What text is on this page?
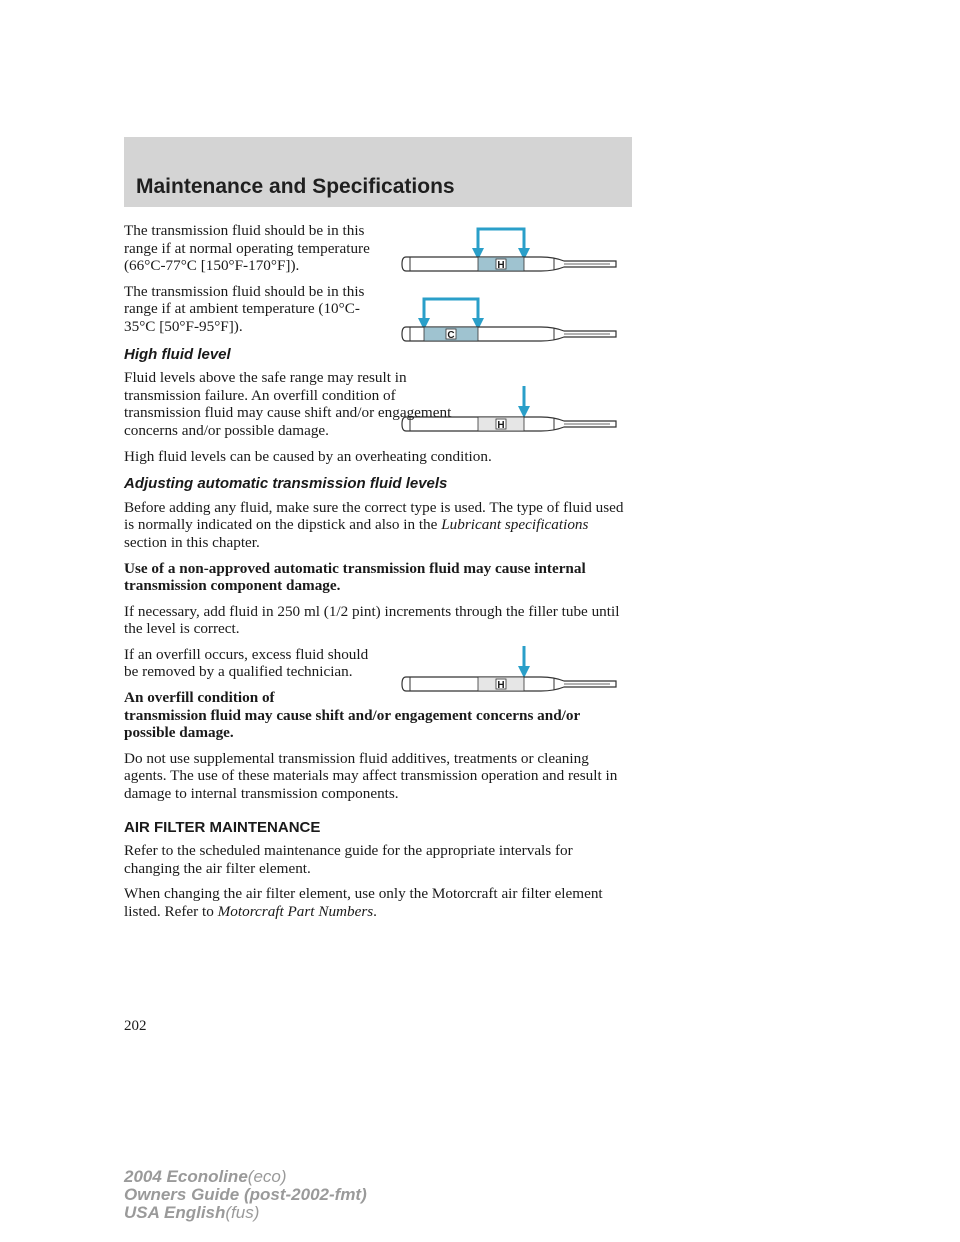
Maintenance and Specifications
H
C
H
H

The transmission fluid should be in this range if at normal operating temperature (66°C-77°C [150°F-170°F]).

The transmission fluid should be in this range if at ambient temperature (10°C-35°C [50°F-95°F]).

High fluid level

Fluid levels above the safe range may result in transmission failure. An overfill condition of transmission fluid may cause shift and/or engagement concerns and/or possible damage.

High fluid levels can be caused by an overheating condition.

Adjusting automatic transmission fluid levels

Before adding any fluid, make sure the correct type is used. The type of fluid used is normally indicated on the dipstick and also in the Lubricant specifications section in this chapter.

Use of a non-approved automatic transmission fluid may cause internal transmission component damage.

If necessary, add fluid in 250 ml (1/2 pint) increments through the filler tube until the level is correct.

If an overfill occurs, excess fluid should be removed by a qualified technician.

An overfill condition of
transmission fluid may cause shift and/or engagement concerns and/or possible damage.

Do not use supplemental transmission fluid additives, treatments or cleaning agents. The use of these materials may affect transmission operation and result in damage to internal transmission components.

AIR FILTER MAINTENANCE

Refer to the scheduled maintenance guide for the appropriate intervals for changing the air filter element.

When changing the air filter element, use only the Motorcraft air filter element listed. Refer to Motorcraft Part Numbers.

202
2004 Econoline(eco)
Owners Guide (post-2002-fmt)
USA English(fus)
